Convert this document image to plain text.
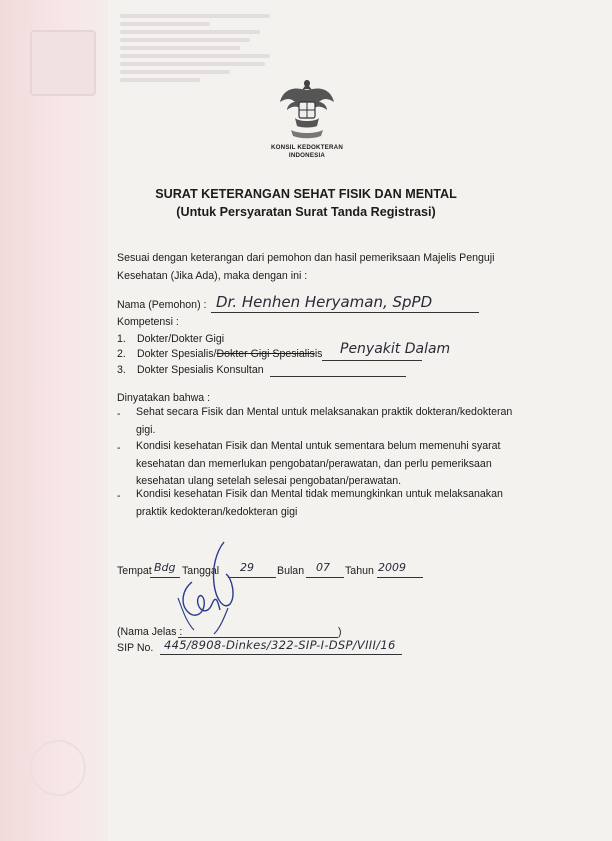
KONSIL KEDOKTERAN
INDONESIA
SURAT KETERANGAN SEHAT FISIK DAN MENTAL
(Untuk Persyaratan Surat Tanda Registrasi)
Sesuai dengan keterangan dari pemohon dan hasil pemeriksaan Majelis Penguji Kesehatan (Jika Ada), maka dengan ini :
Nama (Pemohon) : Dr. Henhen Heryaman, SpPD
Kompetensi :
1. Dokter/Dokter Gigi
2. Dokter Spesialis/Dokter Gigi Spesialisis Penyakit Dalam
3. Dokter Spesialis Konsultan
Dinyatakan bahwa :
- Sehat secara Fisik dan Mental untuk melaksanakan praktik dokteran/kedokteran
gigi.
- Kondisi kesehatan Fisik dan Mental untuk sementara belum memenuhi syarat
kesehatan dan memerlukan pengobatan/perawatan, dan perlu pemeriksaan
kesehatan ulang setelah selesai pengobatan/perawatan.
- Kondisi kesehatan Fisik dan Mental tidak memungkinkan untuk melaksanakan
praktik kedokteran/kedokteran gigi
Tempat Bdg Tanggal 29 Bulan 07 Tahun 2009
(Nama Jelas :	)
SIP No. 445/8908-Dinkes/322-SIP-I-DSP/VIII/16
